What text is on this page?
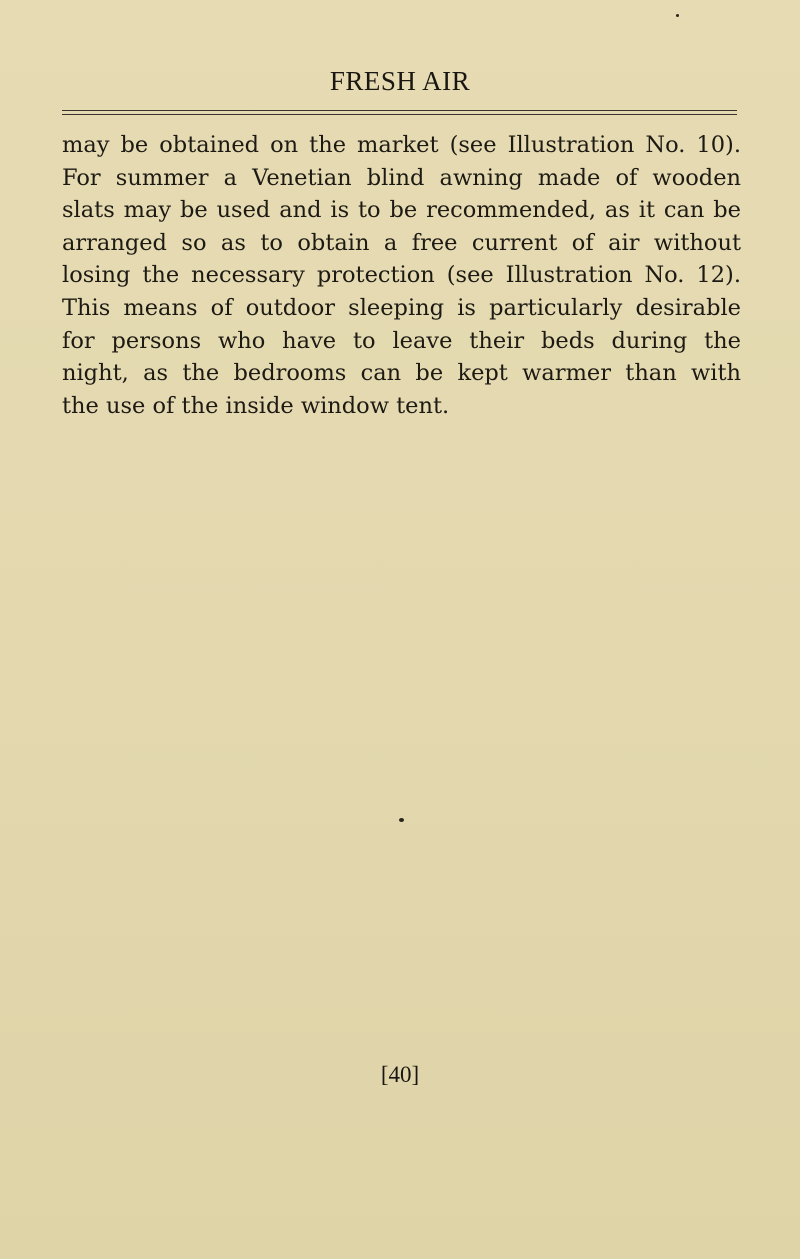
FRESH AIR
may be obtained on the market (see Illustration No. 10).
For summer a Venetian blind awning made of wooden
slats may be used and is to be recommended, as it can be
arranged so as to obtain a free current of air without
losing the necessary protection (see Illustration No. 12).
This means of outdoor sleeping is particularly desirable
for persons who have to leave their beds during the
night, as the bedrooms can be kept warmer than with
the use of the inside window tent.
[40]
